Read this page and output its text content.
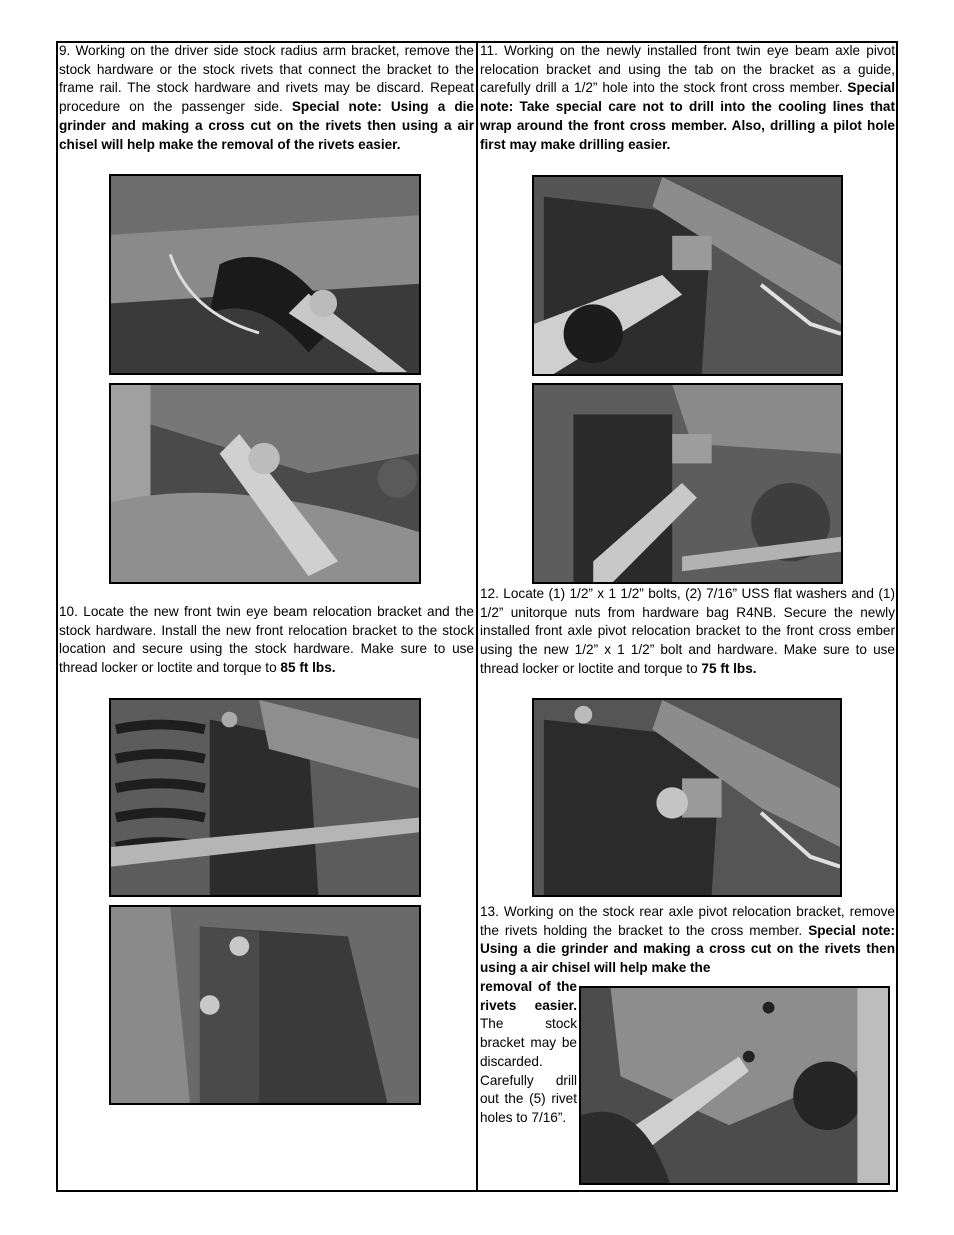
9. Working on the driver side stock radius arm bracket, remove the stock hardware or the stock rivets that connect the bracket to the frame rail. The stock hardware and rivets may be discard. Repeat procedure on the passenger side. Special note: Using a die grinder and making a cross cut on the rivets then using a air chisel will help make the removal of the rivets easier.
10. Locate the new front twin eye beam relocation bracket and the stock hardware. Install the new front relocation bracket to the stock location and secure using the stock hardware. Make sure to use thread locker or loctite and torque to 85 ft lbs.
11. Working on the newly installed front twin eye beam axle pivot relocation bracket and using the tab on the bracket as a guide, carefully drill a 1/2” hole into the stock front cross member. Special note: Take special care not to drill into the cooling lines that wrap around the front cross member. Also, drilling a pilot hole first may make drilling easier.
12. Locate (1) 1/2” x 1 1/2” bolts, (2) 7/16” USS flat washers and (1) 1/2” unitorque nuts from hardware bag R4NB. Secure the newly installed front axle pivot relocation bracket to the front cross ember using the new 1/2” x 1 1/2” bolt and hardware. Make sure to use thread locker or loctite and torque to 75 ft lbs.
13. Working on the stock rear axle pivot relocation bracket, remove the rivets holding the bracket to the cross member. Special note: Using a die grinder and making a cross cut on the rivets then using a air chisel will help make the
removal of the rivets easier. The stock bracket may be discarded. Carefully drill out the (5) rivet holes to 7/16”.
